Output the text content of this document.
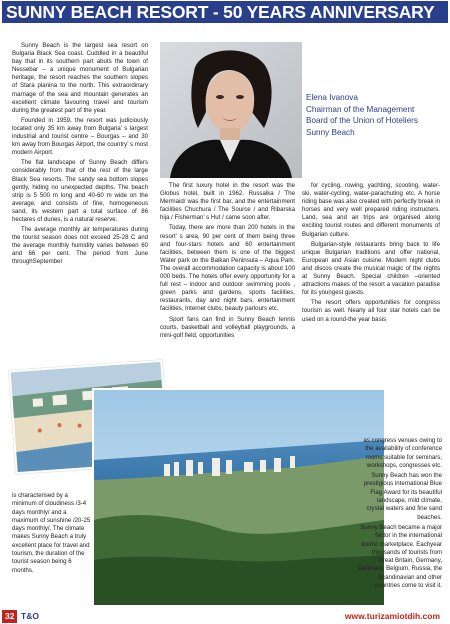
SUNNY BEACH RESORT - 50 YEARS ANNIVERSARY

Sunny Beach is the largest sea resort on Bulgaria Black Sea coast. Cuddled in a beautiful bay that in its southern part abuts the town of Nessebar – a unique monument of Bulgarian heritage, the resort reaches the southern slopes of Stara planina to the north. This extraordinary marriage of the sea and mountain generates an excellent climate favouring travel and tourism during the greatest part of the year.

Founded in 1959, the resort was judiciously located only 35 km away from Bulgaria’ s largest industrial and tourist centre – Bourgas – and 30 km away from Bourgas Airport, the country’ s most modern Airport.

The flat landscape of Sunny Beach differs considerably from that of the rest of the large Black Sea resorts. The sandy sea bottom slopes gently, hiding no unexpected depths. The beach strip is 5 500 m long and 40-60 m wide on the average, and consists of fine, homogeneous sand, its western part a total surface of 86 hectares of dunes, is a natural reserve.

The average monthly air temperatures during the tourist season does not exceed 25-28 C and the average monthly humidity varies between 60 and 66 per cent. The period from June throughSeptember

Elena Ivanova
Chairman of the Management
Board of the Union of Hoteliers
Sunny Beach

The first luxury hotel in the resort was the Globus hotel, built in 1962. Russalka / The Mermaid/ was the first bar, and the entertainment facilities Chuchura / The Source / and Ribarska hija / Fisherman’ s Hut / came soon after.

Today, there are more than 200 hotels in the resort’ s area, 90 per cent of them being three and four-stars hotels and 60 entertainment facilities, between them is one of the biggest Water park on the Balkan Peninsula – Aqua Park. The overall accommodation capacity is about 100 000 beds. The hotels offer every opportunity for a full rest – indoor and outdoor swimming pools , green parks and gardens, sports facilities, restaurants, day and night bars, entertainment facilities, Internet clubs, beauty parlours etc.

Sport fans can find in Sunny Beach tennis courts, basketball and volleyball playgrounds, a mini-golf field, opportunities

for cycling, rowing, yachting, scooting, water-ski, water-cycling, water-parachuting etc. A horse riding base was also created with perfectly break in horses and very well prepared riding instructers. Land, sea and air trips are organised along exciting tourist routes and different monuments of Bulgarian culture.

Bulgarian-style restaurants bring back to life unique Bulgarian traditions and offer national, European and Asian cuisine. Modern night clubs and discos create the musical magic of the nights at Sunny Beach. Special children –oriented attractions makes of the resort a vacation paradise for its youngest guests.

The resort offers opportunities for congress tourism as well. Nearly all four star hotels can be used on a round-the year basis

is characterised by a minimum of cloudiness /3-4 days monthly/ and a maximum of sunshine /20-25 days monthly/. The climate makes Sunny Beach a truly excellent place for travel and tourism, the duration of the tourist season being 6 months.

as congress venues owing to the availability of conference rooms suitable for seminars, workshops, congresses etc.

Sunny Beach has won the prestigious international Blue Flag Award for its beautiful landscape, mild climate, crystal waters and fine sand beaches.

Sunny Beach became a major factor in the international tourist marketplace. Eachyear thousands of tourists from Great Britain, Germany, Denmark, Belgium, Russia, the Scandinavian and other countries come to visit it.

32 T&O	www.turizamiotdih.com
